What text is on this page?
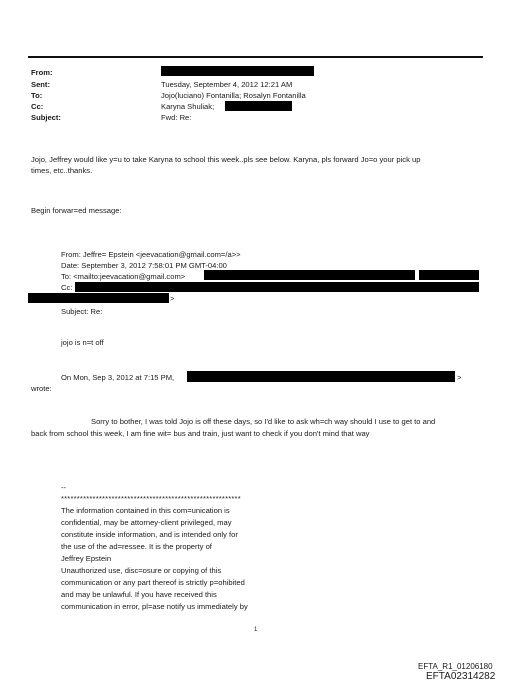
From:
Sent:
To:
Cc:
Subject:
Tuesday, September 4, 2012 12:21 AM
Jojo(luciano) Fontanilla; Rosalyn Fontanilla
Karyna Shuliak;
Fwd: Re:
Jojo, Jeffrey would like y=u to take Karyna to school this week..pls see below. Karyna, pls forward Jo=o your pick up
times, etc..thanks.
Begin forwar=ed message:
From: Jeffre= Epstein <jeevacation@gmail.com=/a>>
Date: September 3, 2012 7:58:01 PM GMT-04:00
To: <mailto:jeevacation@gmail.com>
Cc:
>
Subject: Re:
jojo is n=t off
On Mon, Sep 3, 2012 at 7:15 PM,	>
wrote:
Sorry to bother, I was told Jojo is off these days, so I'd like to ask wh=ch way should I use to get to and
back from school this week, I am fine wit= bus and train, just want to check if you don't mind that way
--
*********************************************************
The information contained in this com=unication is
confidential, may be attorney-client privileged, may
constitute inside information, and is intended only for
the use of the ad=ressee. It is the property of
Jeffrey Epstein
Unauthorized use, disc=osure or copying of this
communication or any part thereof is strictly p=ohibited
and may be unlawful. If you have received this
communication in error, pl=ase notify us immediately by
1
EFTA_R1_01206180
EFTA02314282
